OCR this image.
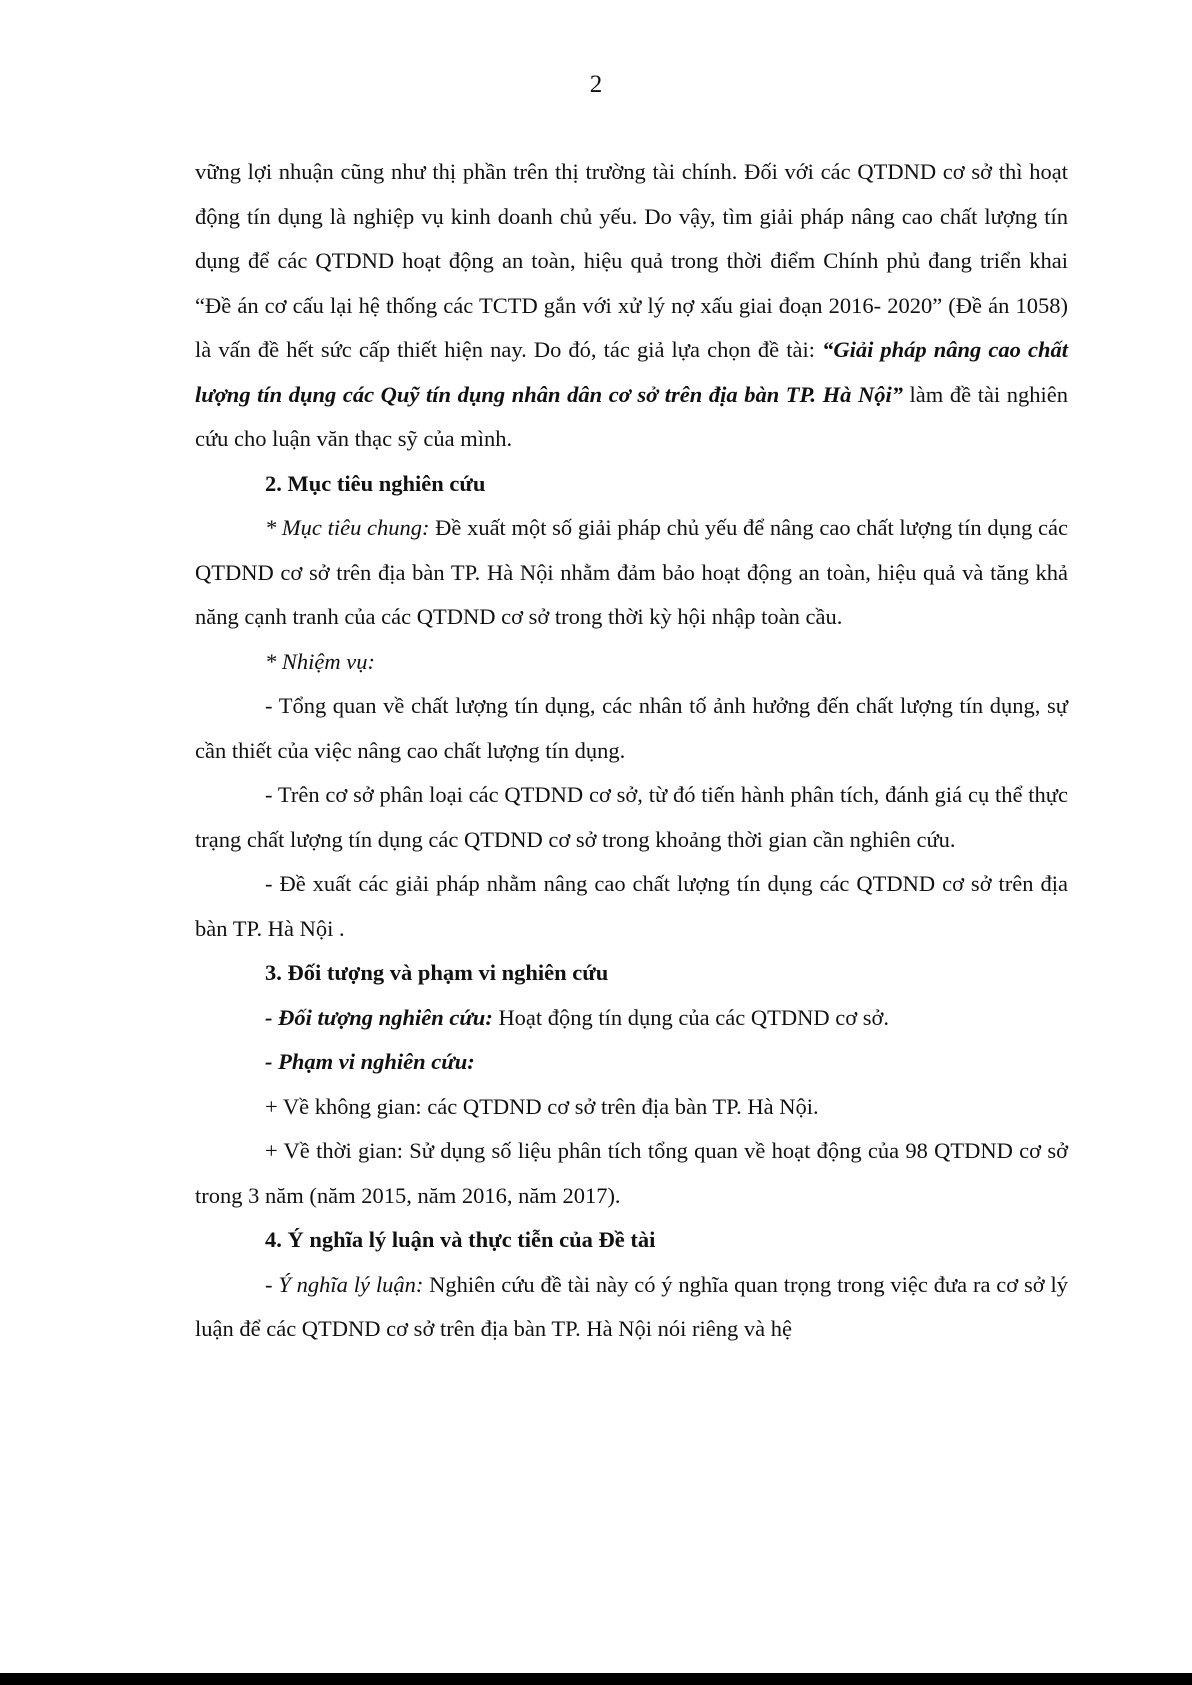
2

vững lợi nhuận cũng như thị phần trên thị trường tài chính. Đối với các QTDND cơ sở thì hoạt động tín dụng là nghiệp vụ kinh doanh chủ yếu. Do vậy, tìm giải pháp nâng cao chất lượng tín dụng để các QTDND hoạt động an toàn, hiệu quả trong thời điểm Chính phủ đang triển khai “Đề án cơ cấu lại hệ thống các TCTD gắn với xử lý nợ xấu giai đoạn 2016- 2020” (Đề án 1058) là vấn đề hết sức cấp thiết hiện nay. Do đó, tác giả lựa chọn đề tài: “Giải pháp nâng cao chất lượng tín dụng các Quỹ tín dụng nhân dân cơ sở trên địa bàn TP. Hà Nội” làm đề tài nghiên cứu cho luận văn thạc sỹ của mình.

2. Mục tiêu nghiên cứu

* Mục tiêu chung: Đề xuất một số giải pháp chủ yếu để nâng cao chất lượng tín dụng các QTDND cơ sở trên địa bàn TP. Hà Nội nhằm đảm bảo hoạt động an toàn, hiệu quả và tăng khả năng cạnh tranh của các QTDND cơ sở trong thời kỳ hội nhập toàn cầu.

* Nhiệm vụ:

- Tổng quan về chất lượng tín dụng, các nhân tố ảnh hưởng đến chất lượng tín dụng, sự cần thiết của việc nâng cao chất lượng tín dụng.

- Trên cơ sở phân loại các QTDND cơ sở, từ đó tiến hành phân tích, đánh giá cụ thể thực trạng chất lượng tín dụng các QTDND cơ sở trong khoảng thời gian cần nghiên cứu.

- Đề xuất các giải pháp nhằm nâng cao chất lượng tín dụng các QTDND cơ sở trên địa bàn TP. Hà Nội .

3. Đối tượng và phạm vi nghiên cứu

- Đối tượng nghiên cứu: Hoạt động tín dụng của các QTDND cơ sở.

- Phạm vi nghiên cứu:

+ Về không gian: các QTDND cơ sở trên địa bàn TP. Hà Nội.

+ Về thời gian: Sử dụng số liệu phân tích tổng quan về hoạt động của 98 QTDND cơ sở trong 3 năm (năm 2015, năm 2016, năm 2017).

4. Ý nghĩa lý luận và thực tiễn của Đề tài

- Ý nghĩa lý luận: Nghiên cứu đề tài này có ý nghĩa quan trọng trong việc đưa ra cơ sở lý luận để các QTDND cơ sở trên địa bàn TP. Hà Nội nói riêng và hệ
